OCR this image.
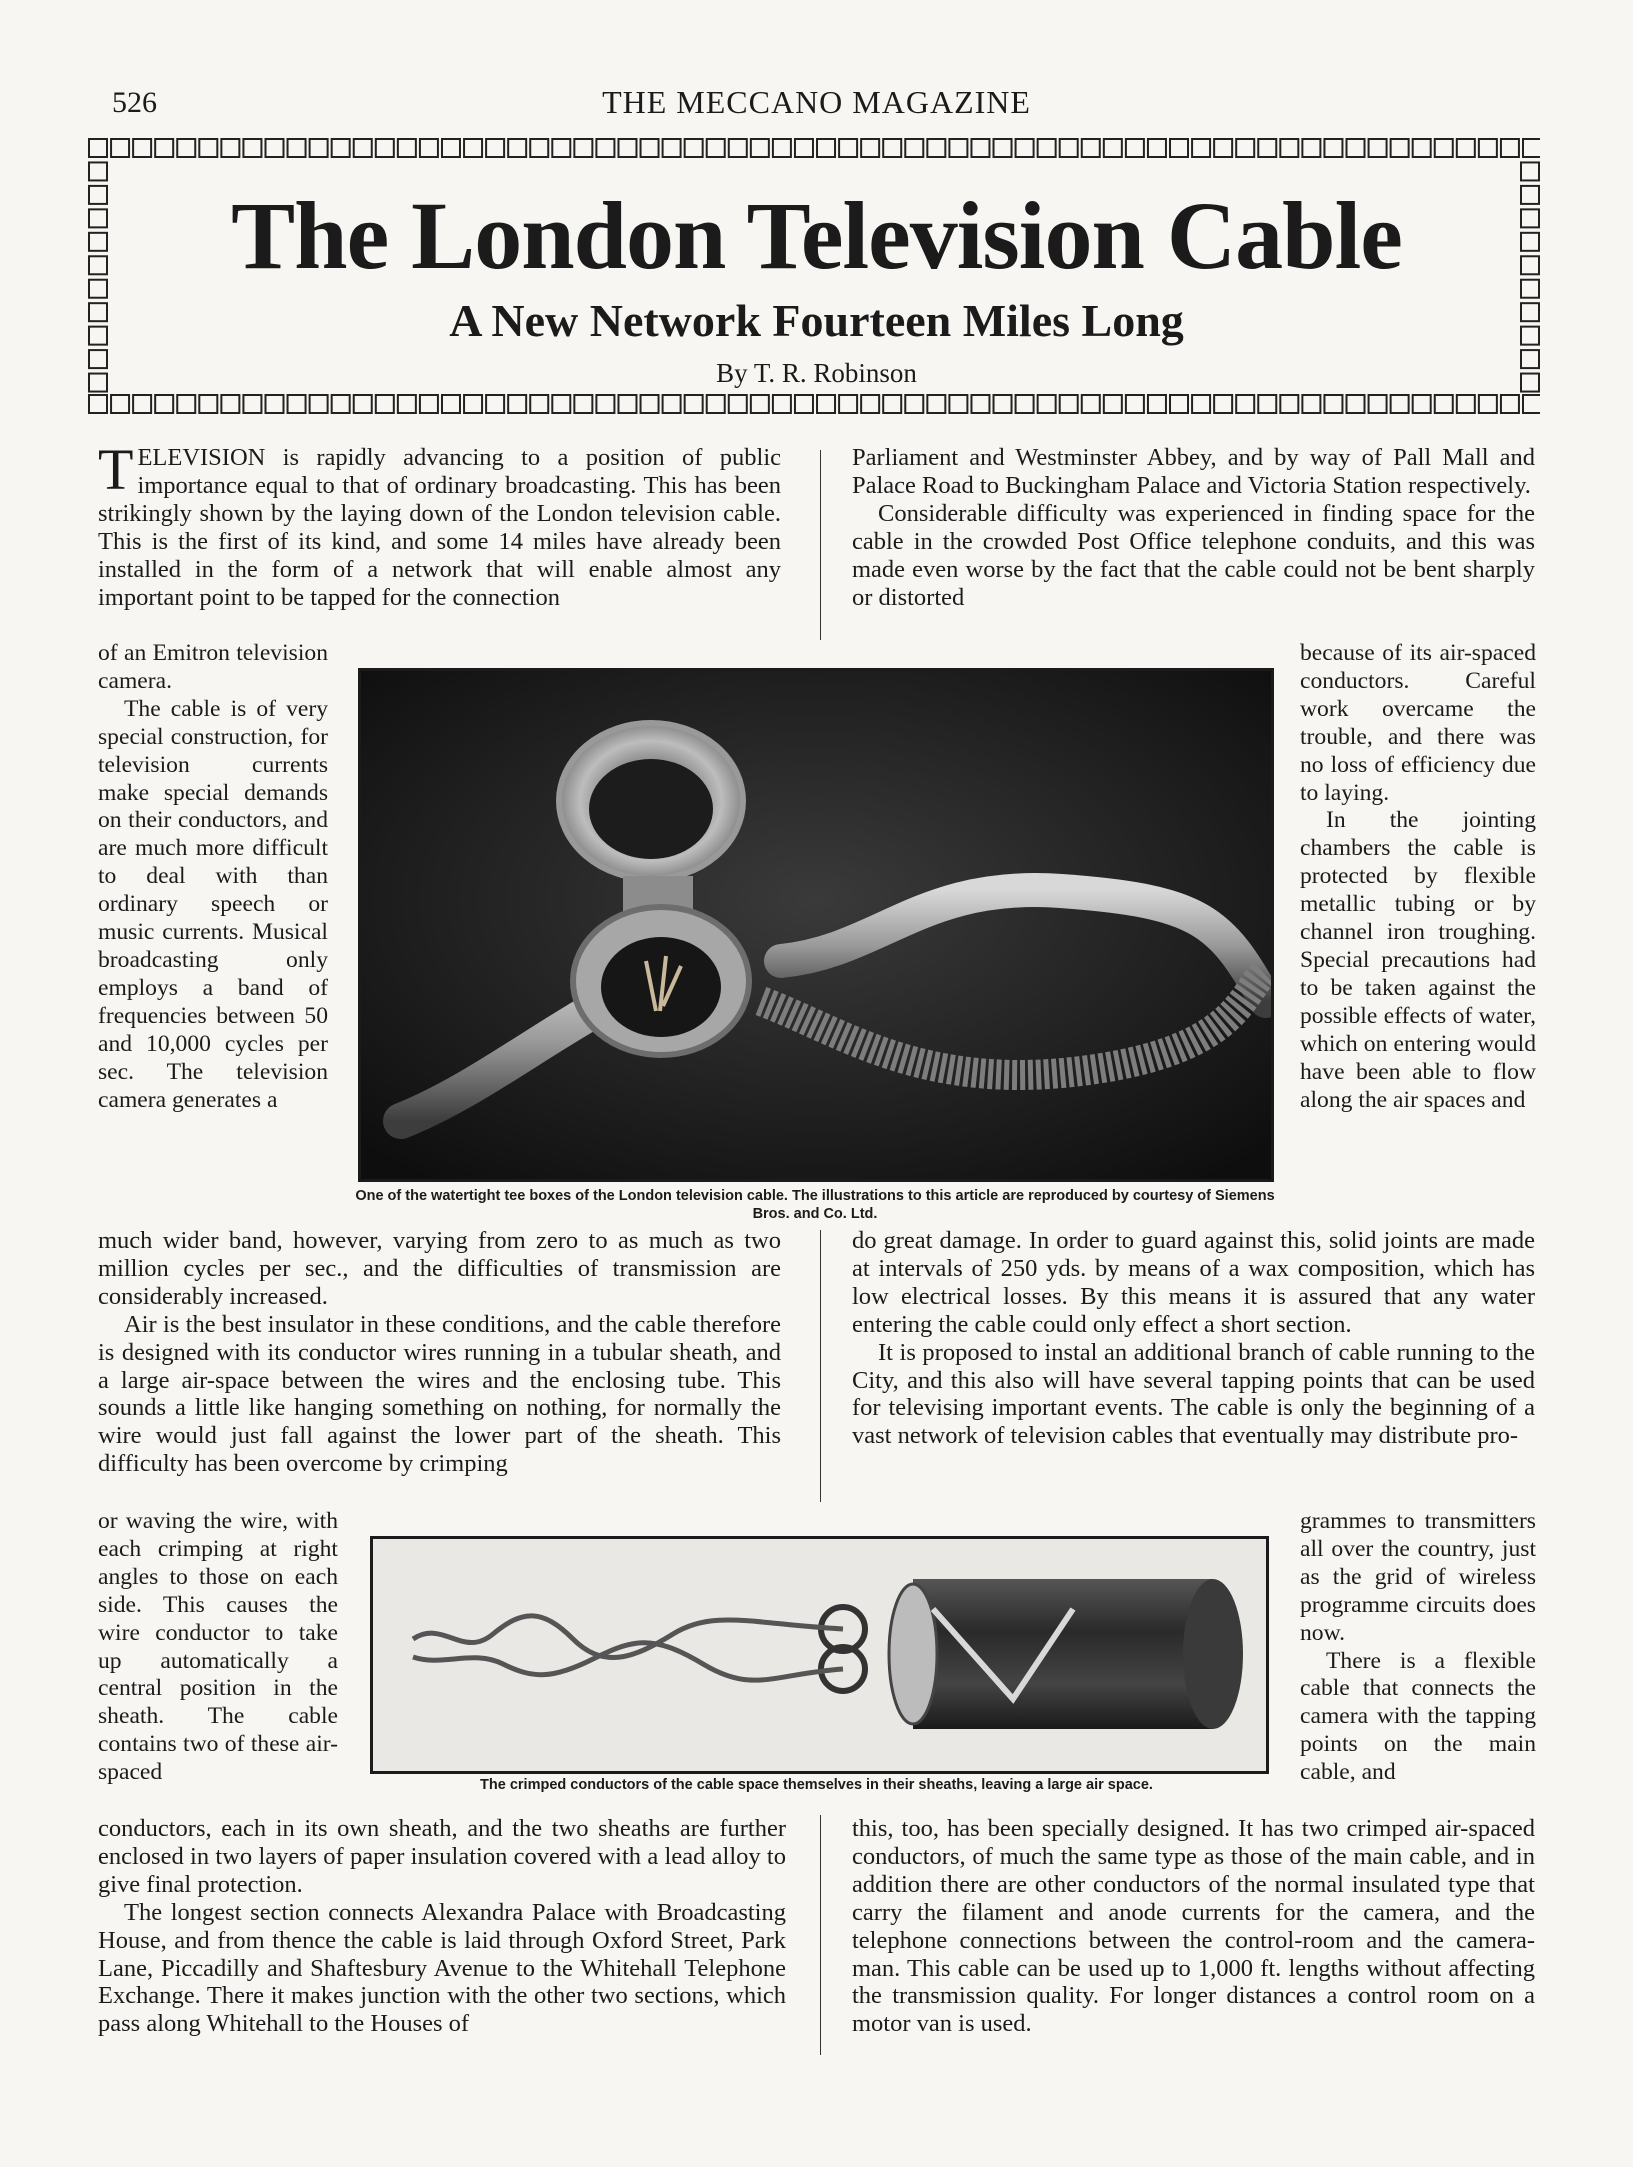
526	THE MECCANO MAGAZINE
The London Television Cable
A New Network Fourteen Miles Long
By T. R. Robinson

TELEVISION is rapidly advancing to a position of public importance equal to that of ordinary broadcasting. This has been strikingly shown by the laying down of the London television cable. This is the first of its kind, and some 14 miles have already been installed in the form of a network that will enable almost any important point to be tapped for the connection

of an Emitron television camera.

The cable is of very special construction, for television currents make special demands on their conductors, and are much more difficult to deal with than ordinary speech or music currents. Musical broadcasting only employs a band of frequencies between 50 and 10,000 cycles per sec. The television camera generates a

much wider band, however, varying from zero to as much as two million cycles per sec., and the difficulties of transmission are considerably increased.

Air is the best insulator in these conditions, and the cable therefore is designed with its conductor wires running in a tubular sheath, and a large air-space between the wires and the enclosing tube. This sounds a little like hanging something on nothing, for normally the wire would just fall against the lower part of the sheath. This difficulty has been overcome by crimping

or waving the wire, with each crimping at right angles to those on each side. This causes the wire conductor to take up automatically a central position in the sheath. The cable contains two of these air-spaced

conductors, each in its own sheath, and the two sheaths are further enclosed in two layers of paper insulation covered with a lead alloy to give final protection.

The longest section connects Alexandra Palace with Broadcasting House, and from thence the cable is laid through Oxford Street, Park Lane, Piccadilly and Shaftesbury Avenue to the Whitehall Telephone Exchange. There it makes junction with the other two sections, which pass along Whitehall to the Houses of

Parliament and Westminster Abbey, and by way of Pall Mall and Palace Road to Buckingham Palace and Victoria Station respectively.

Considerable difficulty was experienced in finding space for the cable in the crowded Post Office telephone conduits, and this was made even worse by the fact that the cable could not be bent sharply or distorted

because of its air-spaced conductors. Careful work overcame the trouble, and there was no loss of efficiency due to laying.

In the jointing chambers the cable is protected by flexible metallic tubing or by channel iron troughing. Special precautions had to be taken against the possible effects of water, which on entering would have been able to flow along the air spaces and

do great damage. In order to guard against this, solid joints are made at intervals of 250 yds. by means of a wax composition, which has low electrical losses. By this means it is assured that any water entering the cable could only effect a short section.

It is proposed to instal an additional branch of cable running to the City, and this also will have several tapping points that can be used for televising important events. The cable is only the beginning of a vast network of television cables that eventually may distribute pro-

grammes to transmitters all over the country, just as the grid of wireless programme circuits does now.

There is a flexible cable that connects the camera with the tapping points on the main cable, and

this, too, has been specially designed. It has two crimped air-spaced conductors, of much the same type as those of the main cable, and in addition there are other conductors of the normal insulated type that carry the filament and anode currents for the camera, and the telephone connections between the control-room and the camera-man. This cable can be used up to 1,000 ft. lengths without affecting the transmission quality. For longer distances a control room on a motor van is used.

One of the watertight tee boxes of the London television cable. The illustrations to this article are reproduced by courtesy of Siemens Bros. and Co. Ltd.
The crimped conductors of the cable space themselves in their sheaths, leaving a large air space.
